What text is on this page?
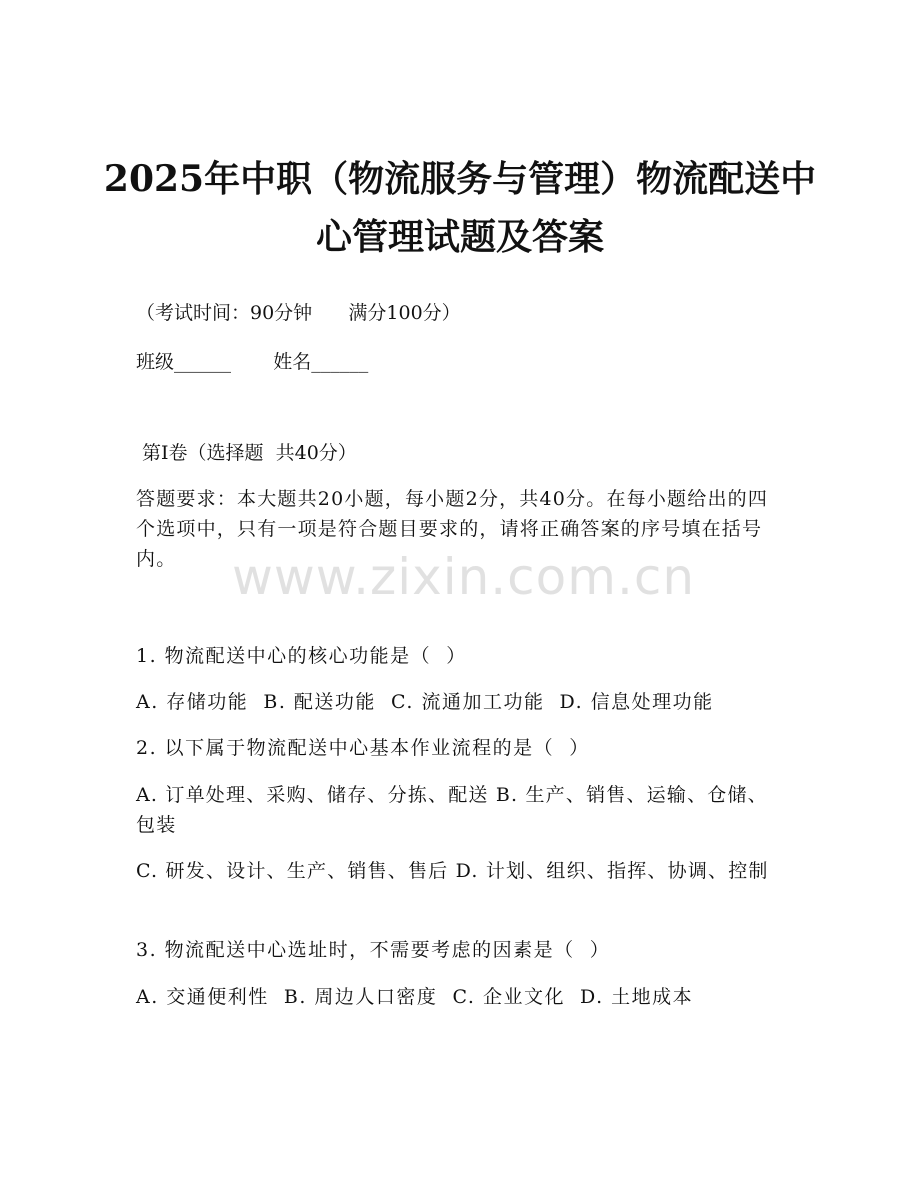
2025年中职（物流服务与管理）物流配送中
心管理试题及答案
（考试时间：90分钟      满分100分）
班级______       姓名______
第Ⅰ卷（选择题  共40分）
答题要求：本大题共20小题，每小题2分，共40分。在每小题给出的四个选项中，只有一项是符合题目要求的，请将正确答案的序号填在括号内。	www.zixin.com.cn
1. 物流配送中心的核心功能是（  ）
A. 存储功能  B. 配送功能  C. 流通加工功能  D. 信息处理功能
2. 以下属于物流配送中心基本作业流程的是（  ）
A. 订单处理、采购、储存、分拣、配送 B. 生产、销售、运输、仓储、包装
C. 研发、设计、生产、销售、售后 D. 计划、组织、指挥、协调、控制
3. 物流配送中心选址时，不需要考虑的因素是（  ）
A. 交通便利性  B. 周边人口密度  C. 企业文化  D. 土地成本
